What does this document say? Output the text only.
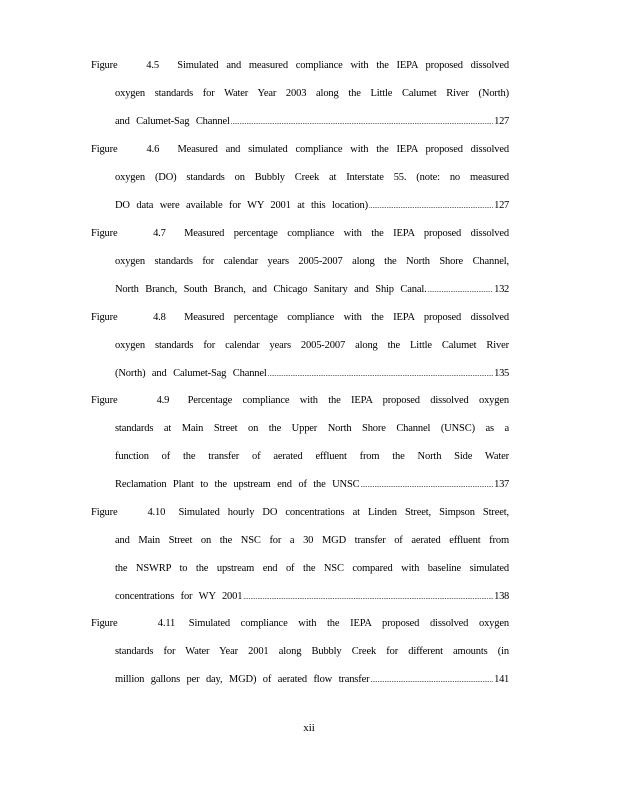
Figure	4.5 Simulated and measured compliance with the IEPA proposed dissolved
oxygen standards for Water Year 2003 along the Little Calumet River (North)
and Calumet-Sag Channel .....	127
Figure	4.6 Measured and simulated compliance with the IEPA proposed dissolved
oxygen (DO) standards on Bubbly Creek at Interstate 55. (note: no measured
DO data were available for WY 2001 at this location) .....	127
Figure	4.7 Measured percentage compliance with the IEPA proposed dissolved
oxygen standards for calendar years 2005-2007 along the North Shore Channel,
North Branch, South Branch, and Chicago Sanitary and Ship Canal. .....	132
Figure	4.8 Measured percentage compliance with the IEPA proposed dissolved
oxygen standards for calendar years 2005-2007 along the Little Calumet River
(North) and Calumet-Sag Channel .....	135
Figure	4.9 Percentage compliance with the IEPA proposed dissolved oxygen
standards at Main Street on the Upper North Shore Channel (UNSC) as a
function of the transfer of aerated effluent from the North Side Water
Reclamation Plant to the upstream end of the UNSC .....	137
Figure	4.10 Simulated hourly DO concentrations at Linden Street, Simpson Street,
and Main Street on the NSC for a 30 MGD transfer of aerated effluent from
the NSWRP to the upstream end of the NSC compared with baseline simulated
concentrations for WY 2001 .....	138
Figure	4.11 Simulated compliance with the IEPA proposed dissolved oxygen
standards for Water Year 2001 along Bubbly Creek for different amounts (in
million gallons per day, MGD) of aerated flow transfer .....	141
xii
